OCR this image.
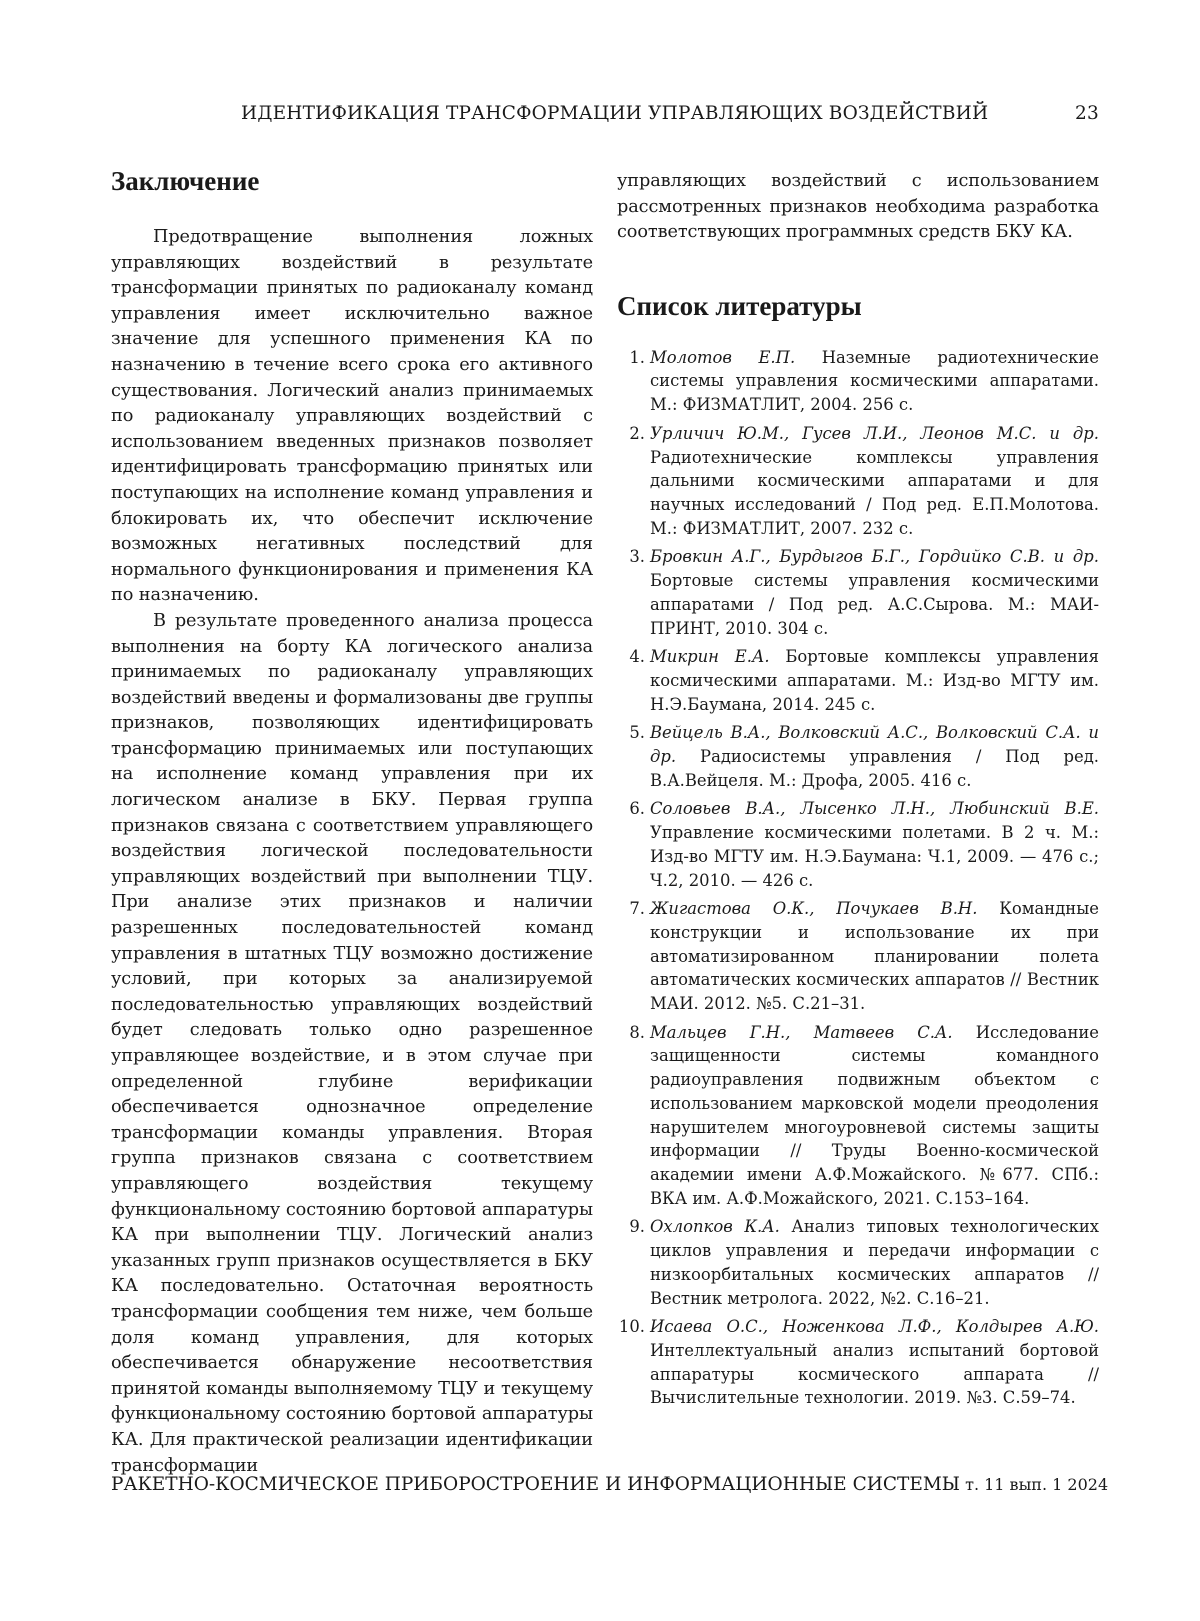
ИДЕНТИФИКАЦИЯ ТРАНСФОРМАЦИИ УПРАВЛЯЮЩИХ ВОЗДЕЙСТВИЙ	23
Заключение

Предотвращение выполнения ложных управляющих воздействий в результате трансформации принятых по радиоканалу команд управления имеет исключительно важное значение для успешного применения КА по назначению в течение всего срока его активного существования. Логический анализ принимаемых по радиоканалу управляющих воздействий с использованием введенных признаков позволяет идентифицировать трансформацию принятых или поступающих на исполнение команд управления и блокировать их, что обеспечит исключение возможных негативных последствий для нормального функционирования и применения КА по назначению.

В результате проведенного анализа процесса выполнения на борту КА логического анализа принимаемых по радиоканалу управляющих воздействий введены и формализованы две группы признаков, позволяющих идентифицировать трансформацию принимаемых или поступающих на исполнение команд управления при их логическом анализе в БКУ. Первая группа признаков связана с соответствием управляющего воздействия логической последовательности управляющих воздействий при выполнении ТЦУ. При анализе этих признаков и наличии разрешенных последовательностей команд управления в штатных ТЦУ возможно достижение условий, при которых за анализируемой последовательностью управляющих воздействий будет следовать только одно разрешенное управляющее воздействие, и в этом случае при определенной глубине верификации обеспечивается однозначное определение трансформации команды управления. Вторая группа признаков связана с соответствием управляющего воздействия текущему функциональному состоянию бортовой аппаратуры КА при выполнении ТЦУ. Логический анализ указанных групп признаков осуществляется в БКУ КА последовательно. Остаточная вероятность трансформации сообщения тем ниже, чем больше доля команд управления, для которых обеспечивается обнаружение несоответствия принятой команды выполняемому ТЦУ и текущему функциональному состоянию бортовой аппаратуры КА. Для практической реализации идентификации трансформации

управляющих воздействий с использованием рассмотренных признаков необходима разработка соответствующих программных средств БКУ КА.

Список литературы
1. Молотов Е.П. Наземные радиотехнические системы управления космическими аппаратами. М.: ФИЗМАТЛИТ, 2004. 256 с.
2. Урличич Ю.М., Гусев Л.И., Леонов М.С. и др. Радиотехнические комплексы управления дальними космическими аппаратами и для научных исследований / Под ред. Е.П.Молотова. М.: ФИЗМАТЛИТ, 2007. 232 с.
3. Бровкин А.Г., Бурдыгов Б.Г., Гордийко С.В. и др. Бортовые системы управления космическими аппаратами / Под ред. А.С.Сырова. М.: МАИ-ПРИНТ, 2010. 304 с.
4. Микрин Е.А. Бортовые комплексы управления космическими аппаратами. М.: Изд-во МГТУ им. Н.Э.Баумана, 2014. 245 с.
5. Вейцель В.А., Волковский А.С., Волковский С.А. и др. Радиосистемы управления / Под ред. В.А.Вейцеля. М.: Дрофа, 2005. 416 с.
6. Соловьев В.А., Лысенко Л.Н., Любинский В.Е. Управление космическими полетами. В 2 ч. М.: Изд-во МГТУ им. Н.Э.Баумана: Ч.1, 2009. — 476 с.; Ч.2, 2010. — 426 с.
7. Жигастова О.К., Почукаев В.Н. Командные конструкции и использование их при автоматизированном планировании полета автоматических космических аппаратов // Вестник МАИ. 2012. №5. С.21–31.
8. Мальцев Г.Н., Матвеев С.А. Исследование защищенности системы командного радиоуправления подвижным объектом с использованием марковской модели преодоления нарушителем многоуровневой системы защиты информации // Труды Военно-космической академии имени А.Ф.Можайского. №677. СПб.: ВКА им. А.Ф.Можайского, 2021. С.153–164.
9. Охлопков К.А. Анализ типовых технологических циклов управления и передачи информации с низкоорбитальных космических аппаратов // Вестник метролога. 2022, №2. С.16–21.
10. Исаева О.С., Ноженкова Л.Ф., Колдырев А.Ю. Интеллектуальный анализ испытаний бортовой аппаратуры космического аппарата // Вычислительные технологии. 2019. №3. С.59–74.
РАКЕТНО-КОСМИЧЕСКОЕ ПРИБОРОСТРОЕНИЕ И ИНФОРМАЦИОННЫЕ СИСТЕМЫ т. 11 вып. 1 2024
